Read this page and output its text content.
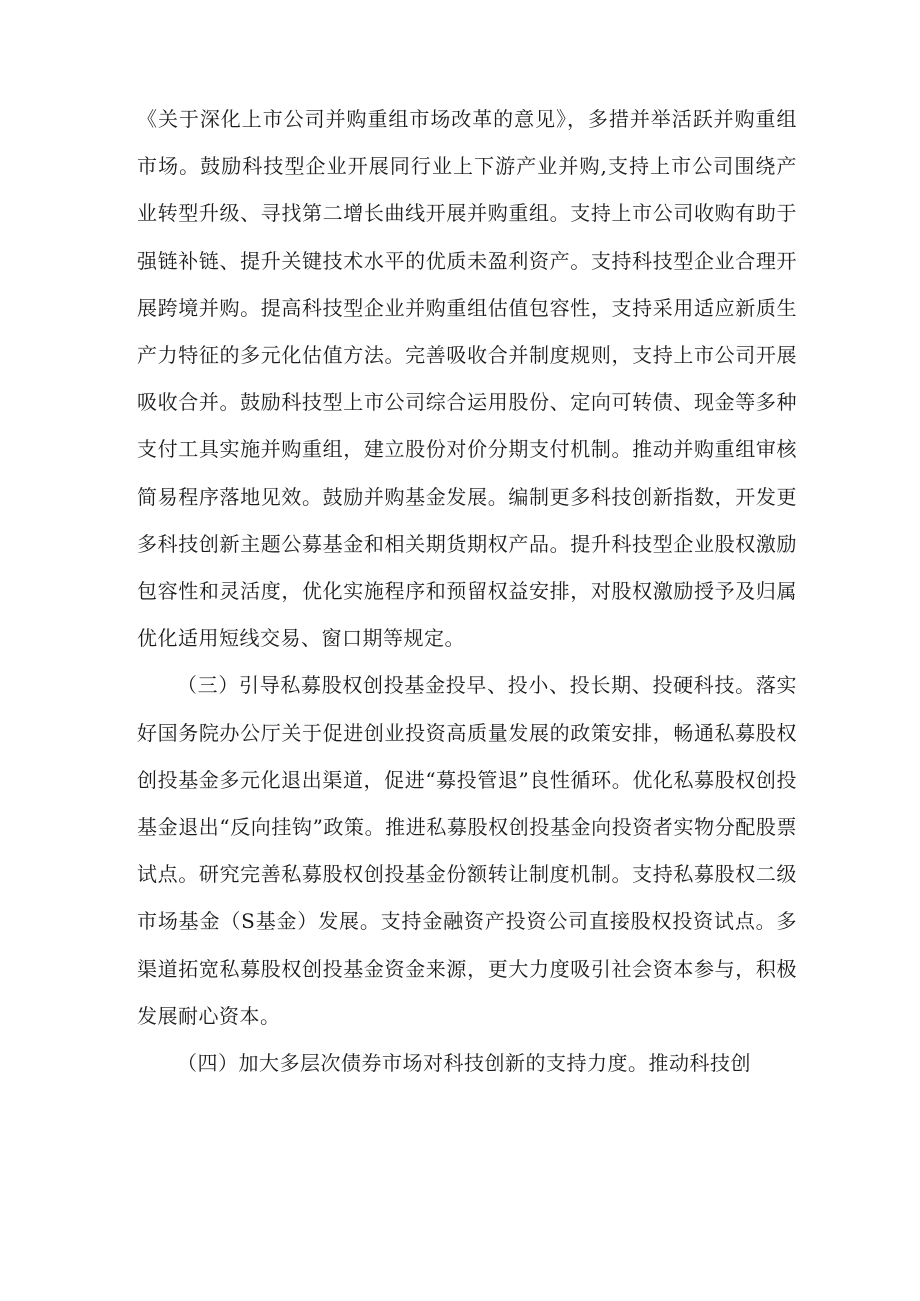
《关于深化上市公司并购重组市场改革的意见》，多措并举活跃并购重组市场。鼓励科技型企业开展同行业上下游产业并购,支持上市公司围绕产业转型升级、寻找第二增长曲线开展并购重组。支持上市公司收购有助于强链补链、提升关键技术水平的优质未盈利资产。支持科技型企业合理开展跨境并购。提高科技型企业并购重组估值包容性，支持采用适应新质生产力特征的多元化估值方法。完善吸收合并制度规则，支持上市公司开展吸收合并。鼓励科技型上市公司综合运用股份、定向可转债、现金等多种支付工具实施并购重组，建立股份对价分期支付机制。推动并购重组审核简易程序落地见效。鼓励并购基金发展。编制更多科技创新指数，开发更多科技创新主题公募基金和相关期货期权产品。提升科技型企业股权激励包容性和灵活度，优化实施程序和预留权益安排，对股权激励授予及归属优化适用短线交易、窗口期等规定。

（三）引导私募股权创投基金投早、投小、投长期、投硬科技。落实好国务院办公厅关于促进创业投资高质量发展的政策安排，畅通私募股权创投基金多元化退出渠道，促进“募投管退”良性循环。优化私募股权创投基金退出“反向挂钩”政策。推进私募股权创投基金向投资者实物分配股票试点。研究完善私募股权创投基金份额转让制度机制。支持私募股权二级市场基金（S基金）发展。支持金融资产投资公司直接股权投资试点。多渠道拓宽私募股权创投基金资金来源，更大力度吸引社会资本参与，积极发展耐心资本。

（四）加大多层次债券市场对科技创新的支持力度。推动科技创
